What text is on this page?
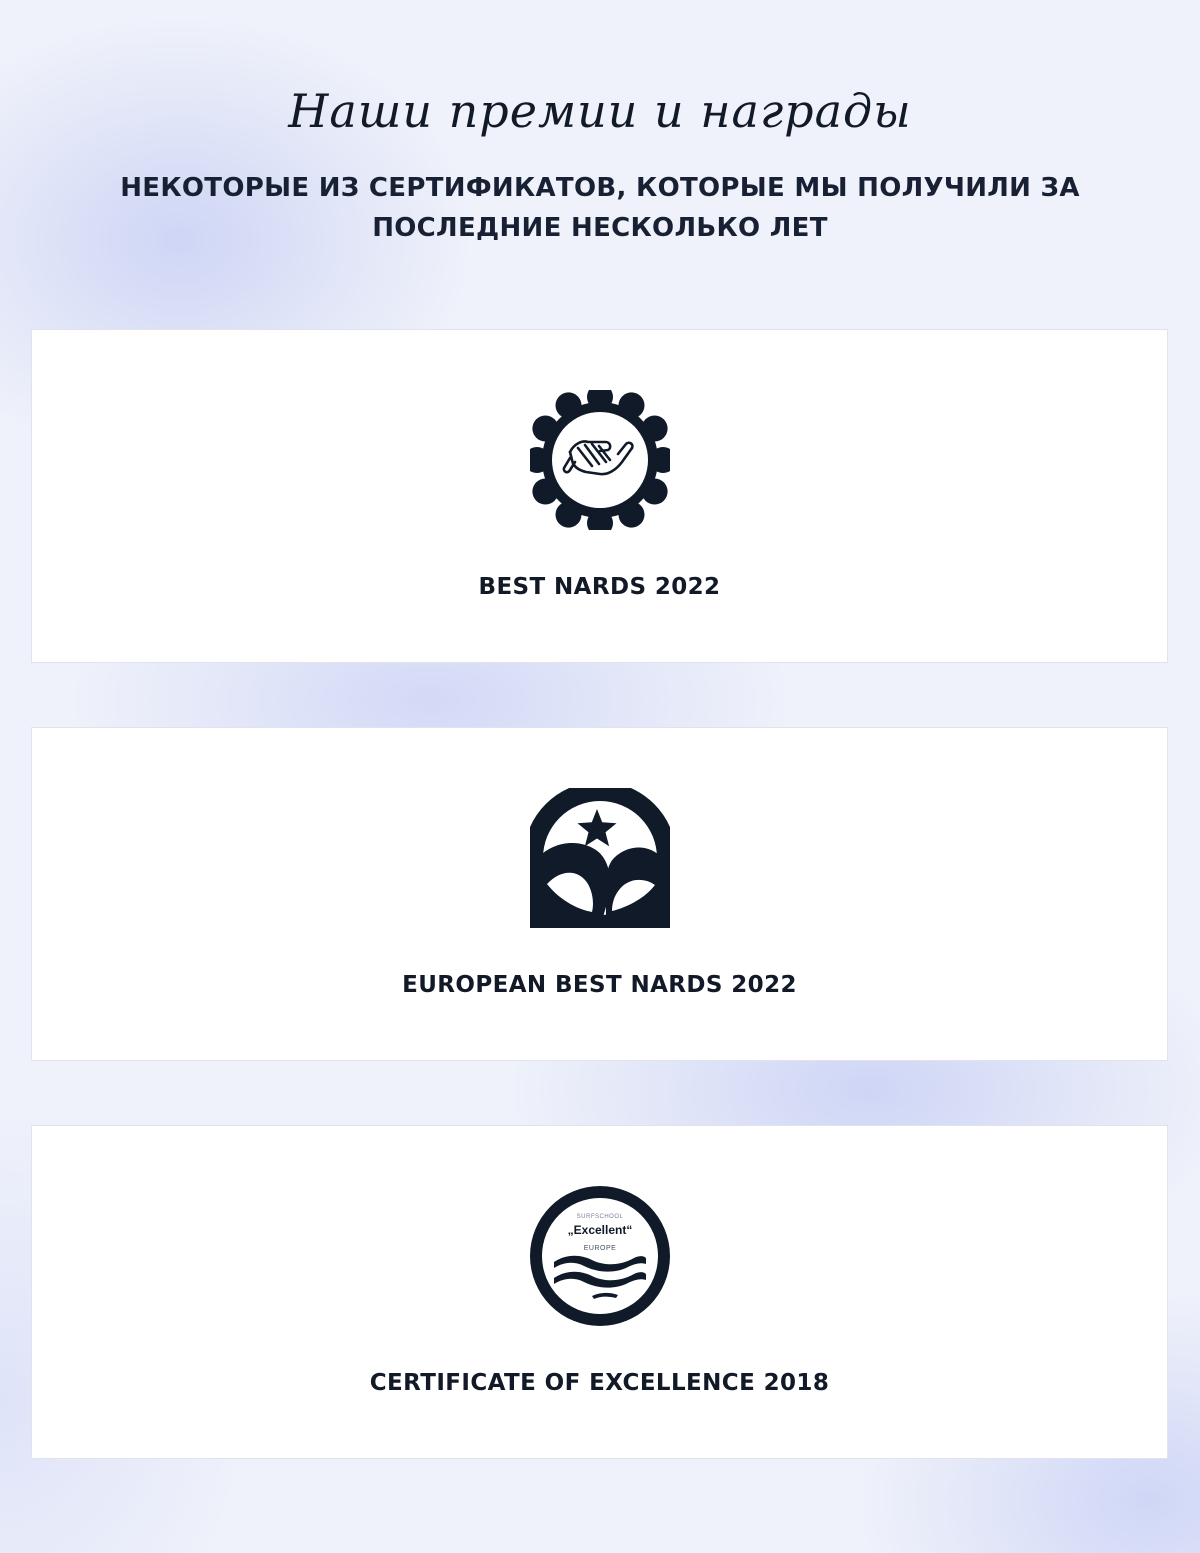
Наши премии и награды
НЕКОТОРЫЕ ИЗ СЕРТИФИКАТОВ, КОТОРЫЕ МЫ ПОЛУЧИЛИ ЗА ПОСЛЕДНИЕ НЕСКОЛЬКО ЛЕТ
BEST NARDS 2022
EUROPEAN BEST NARDS 2022
SURFSCHOOL
„Excellent“
EUROPE
CERTIFICATE OF EXCELLENCE 2018
